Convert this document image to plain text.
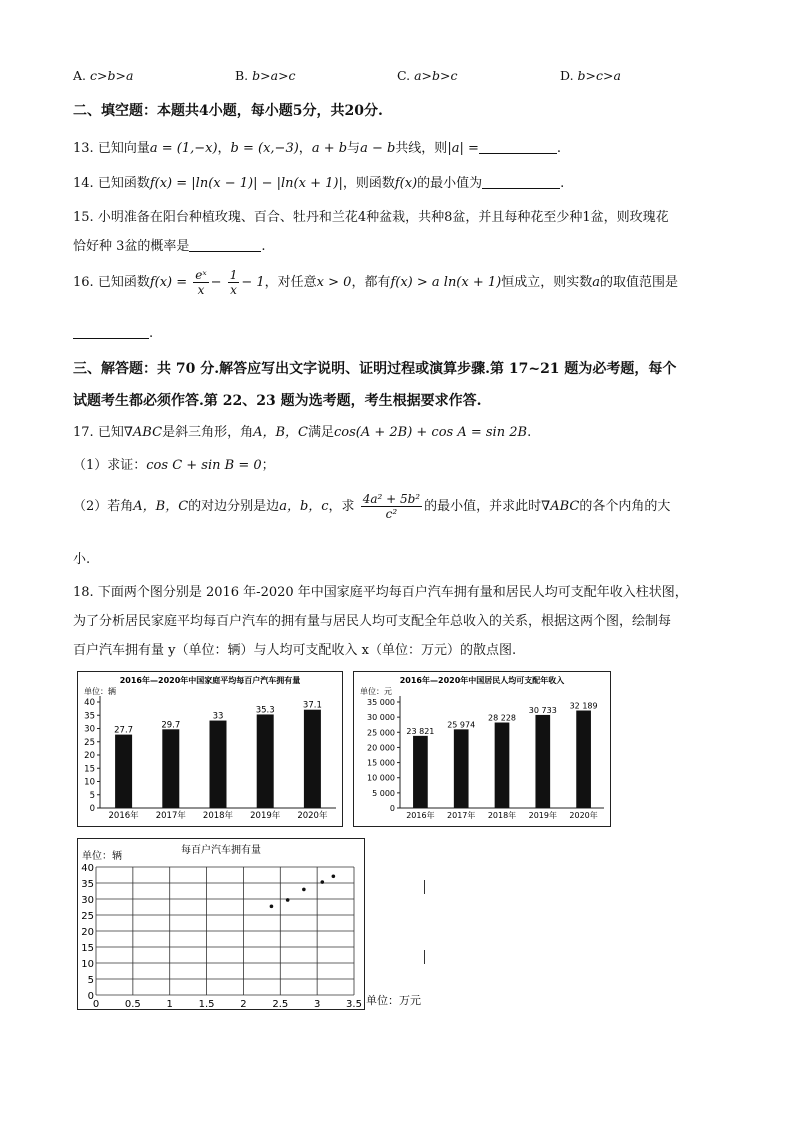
A. c>b>a	B. b>a>c	C. a>b>c	D. b>c>a
二、填空题：本题共4小题，每小题5分，共20分.
13. 已知向量a = (1,−x)，b = (x,−3)，a + b与a − b共线，则|a| =	.
14. 已知函数f(x) = |ln(x − 1)| − |ln(x + 1)|，则函数f(x)的最小值为	.
15. 小明准备在阳台种植玫瑰、百合、牡丹和兰花4种盆栽，共种8盆，并且每种花至少种1盆，则玫瑰花
恰好种 3盆的概率是	.
16. 已知函数$f(x) = \frac{\text{eˣ}}{x} - \frac{1}{x} - 1$，对任意x > 0，都有f(x) > a ln(x + 1)恒成立，则实数a的取值范围是
.
三、解答题：共 70 分.解答应写出文字说明、证明过程或演算步骤.第 17~21 题为必考题，每个
试题考生都必须作答.第 22、23 题为选考题，考生根据要求作答.
17. 已知∇ABC是斜三角形，角A，B，C满足cos(A + 2B) + cos A = sin 2B.
（1）求证：cos C + sin B = 0；
（2）若角A，B，C的对边分别是边a，b，c，求 $\frac{\text{4a² + 5b²}}{\text{c²}}$ 的最小值，并求此时∇ABC的各个内角的大
小.
18. 下面两个图分别是 2016 年-2020 年中国家庭平均每百户汽车拥有量和居民人均可支配年收入柱状图，
为了分析居民家庭平均每百户汽车的拥有量与居民人均可支配全年总收入的关系，根据这两个图，绘制每
百户汽车拥有量 y（单位：辆）与人均可支配收入 x（单位：万元）的散点图.
2016年—2020年中国家庭平均每百户汽车拥有量
单位：辆
0
5
10
15
20
25
30
35
40
27.7
2016年
29.7
2017年
33
2018年
35.3
2019年
37.1
2020年
2016年—2020年中国居民人均可支配年收入
单位：元
0
5 000
10 000
15 000
20 000
25 000
30 000
35 000
23 821
2016年
25 974
2017年
28 228
2018年
30 733
2019年
32 189
2020年
每百户汽车拥有量
单位：辆
0
5
10
15
20
25
30
35
40
0	0.5	1	1.5	2	2.5	3	3.5 单位：万元
